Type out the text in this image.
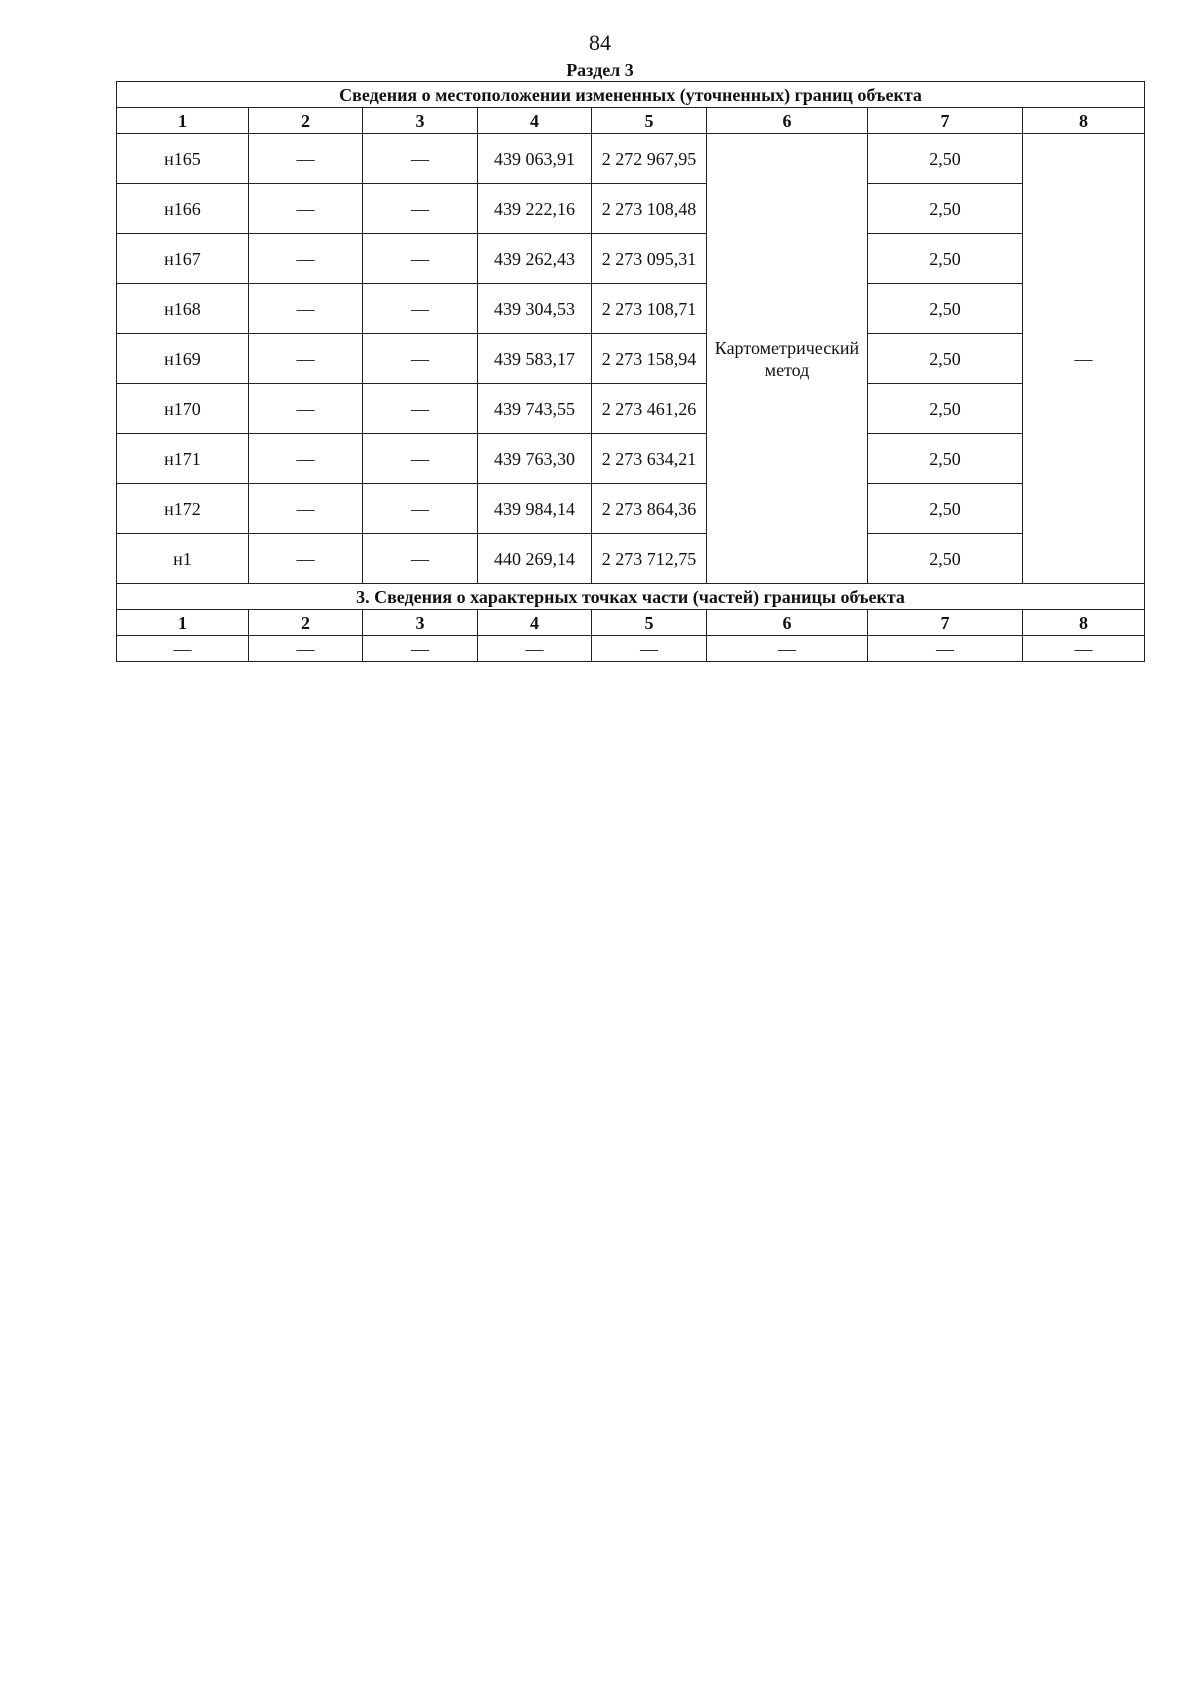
84
Раздел 3
Сведения о местоположении измененных (уточненных) границ объекта							
1	2	3	4	5	6	7	8
н165	—	—	439 063,91	2 272 967,95	Картометрический метод	2,50	—
н166	—	—	439 222,16	2 273 108,48		2,50	
н167	—	—	439 262,43	2 273 095,31		2,50	
н168	—	—	439 304,53	2 273 108,71		2,50	
н169	—	—	439 583,17	2 273 158,94		2,50	
н170	—	—	439 743,55	2 273 461,26		2,50	
н171	—	—	439 763,30	2 273 634,21		2,50	
н172	—	—	439 984,14	2 273 864,36		2,50	
н1	—	—	440 269,14	2 273 712,75		2,50	
3. Сведения о характерных точках части (частей) границы объекта							
1	2	3	4	5	6	7	8
—	—	—	—	—	—	—	—
